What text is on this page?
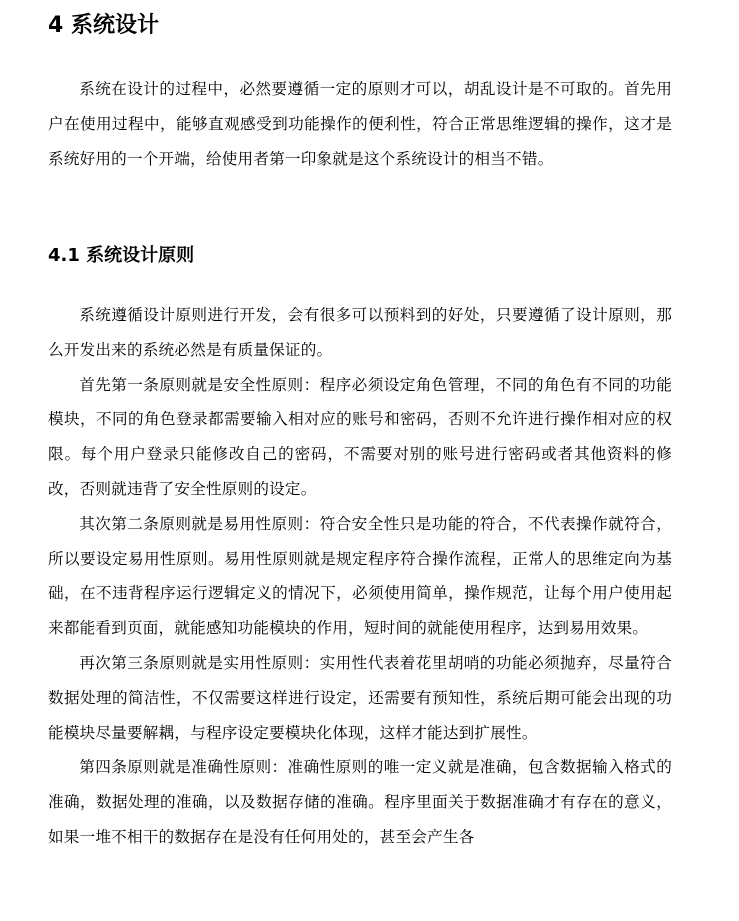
4 系统设计

系统在设计的过程中，必然要遵循一定的原则才可以，胡乱设计是不可取的。首先用户在使用过程中，能够直观感受到功能操作的便利性，符合正常思维逻辑的操作，这才是系统好用的一个开端，给使用者第一印象就是这个系统设计的相当不错。

4.1 系统设计原则

系统遵循设计原则进行开发，会有很多可以预料到的好处，只要遵循了设计原则，那么开发出来的系统必然是有质量保证的。

首先第一条原则就是安全性原则：程序必须设定角色管理，不同的角色有不同的功能模块，不同的角色登录都需要输入相对应的账号和密码，否则不允许进行操作相对应的权限。每个用户登录只能修改自己的密码，不需要对别的账号进行密码或者其他资料的修改，否则就违背了安全性原则的设定。

其次第二条原则就是易用性原则：符合安全性只是功能的符合，不代表操作就符合，所以要设定易用性原则。易用性原则就是规定程序符合操作流程，正常人的思维定向为基础，在不违背程序运行逻辑定义的情况下，必须使用简单，操作规范，让每个用户使用起来都能看到页面，就能感知功能模块的作用，短时间的就能使用程序，达到易用效果。

再次第三条原则就是实用性原则：实用性代表着花里胡哨的功能必须抛弃，尽量符合数据处理的简洁性，不仅需要这样进行设定，还需要有预知性，系统后期可能会出现的功能模块尽量要解耦，与程序设定要模块化体现，这样才能达到扩展性。

第四条原则就是准确性原则：准确性原则的唯一定义就是准确，包含数据输入格式的准确，数据处理的准确，以及数据存储的准确。程序里面关于数据准确才有存在的意义，如果一堆不相干的数据存在是没有任何用处的，甚至会产生各
